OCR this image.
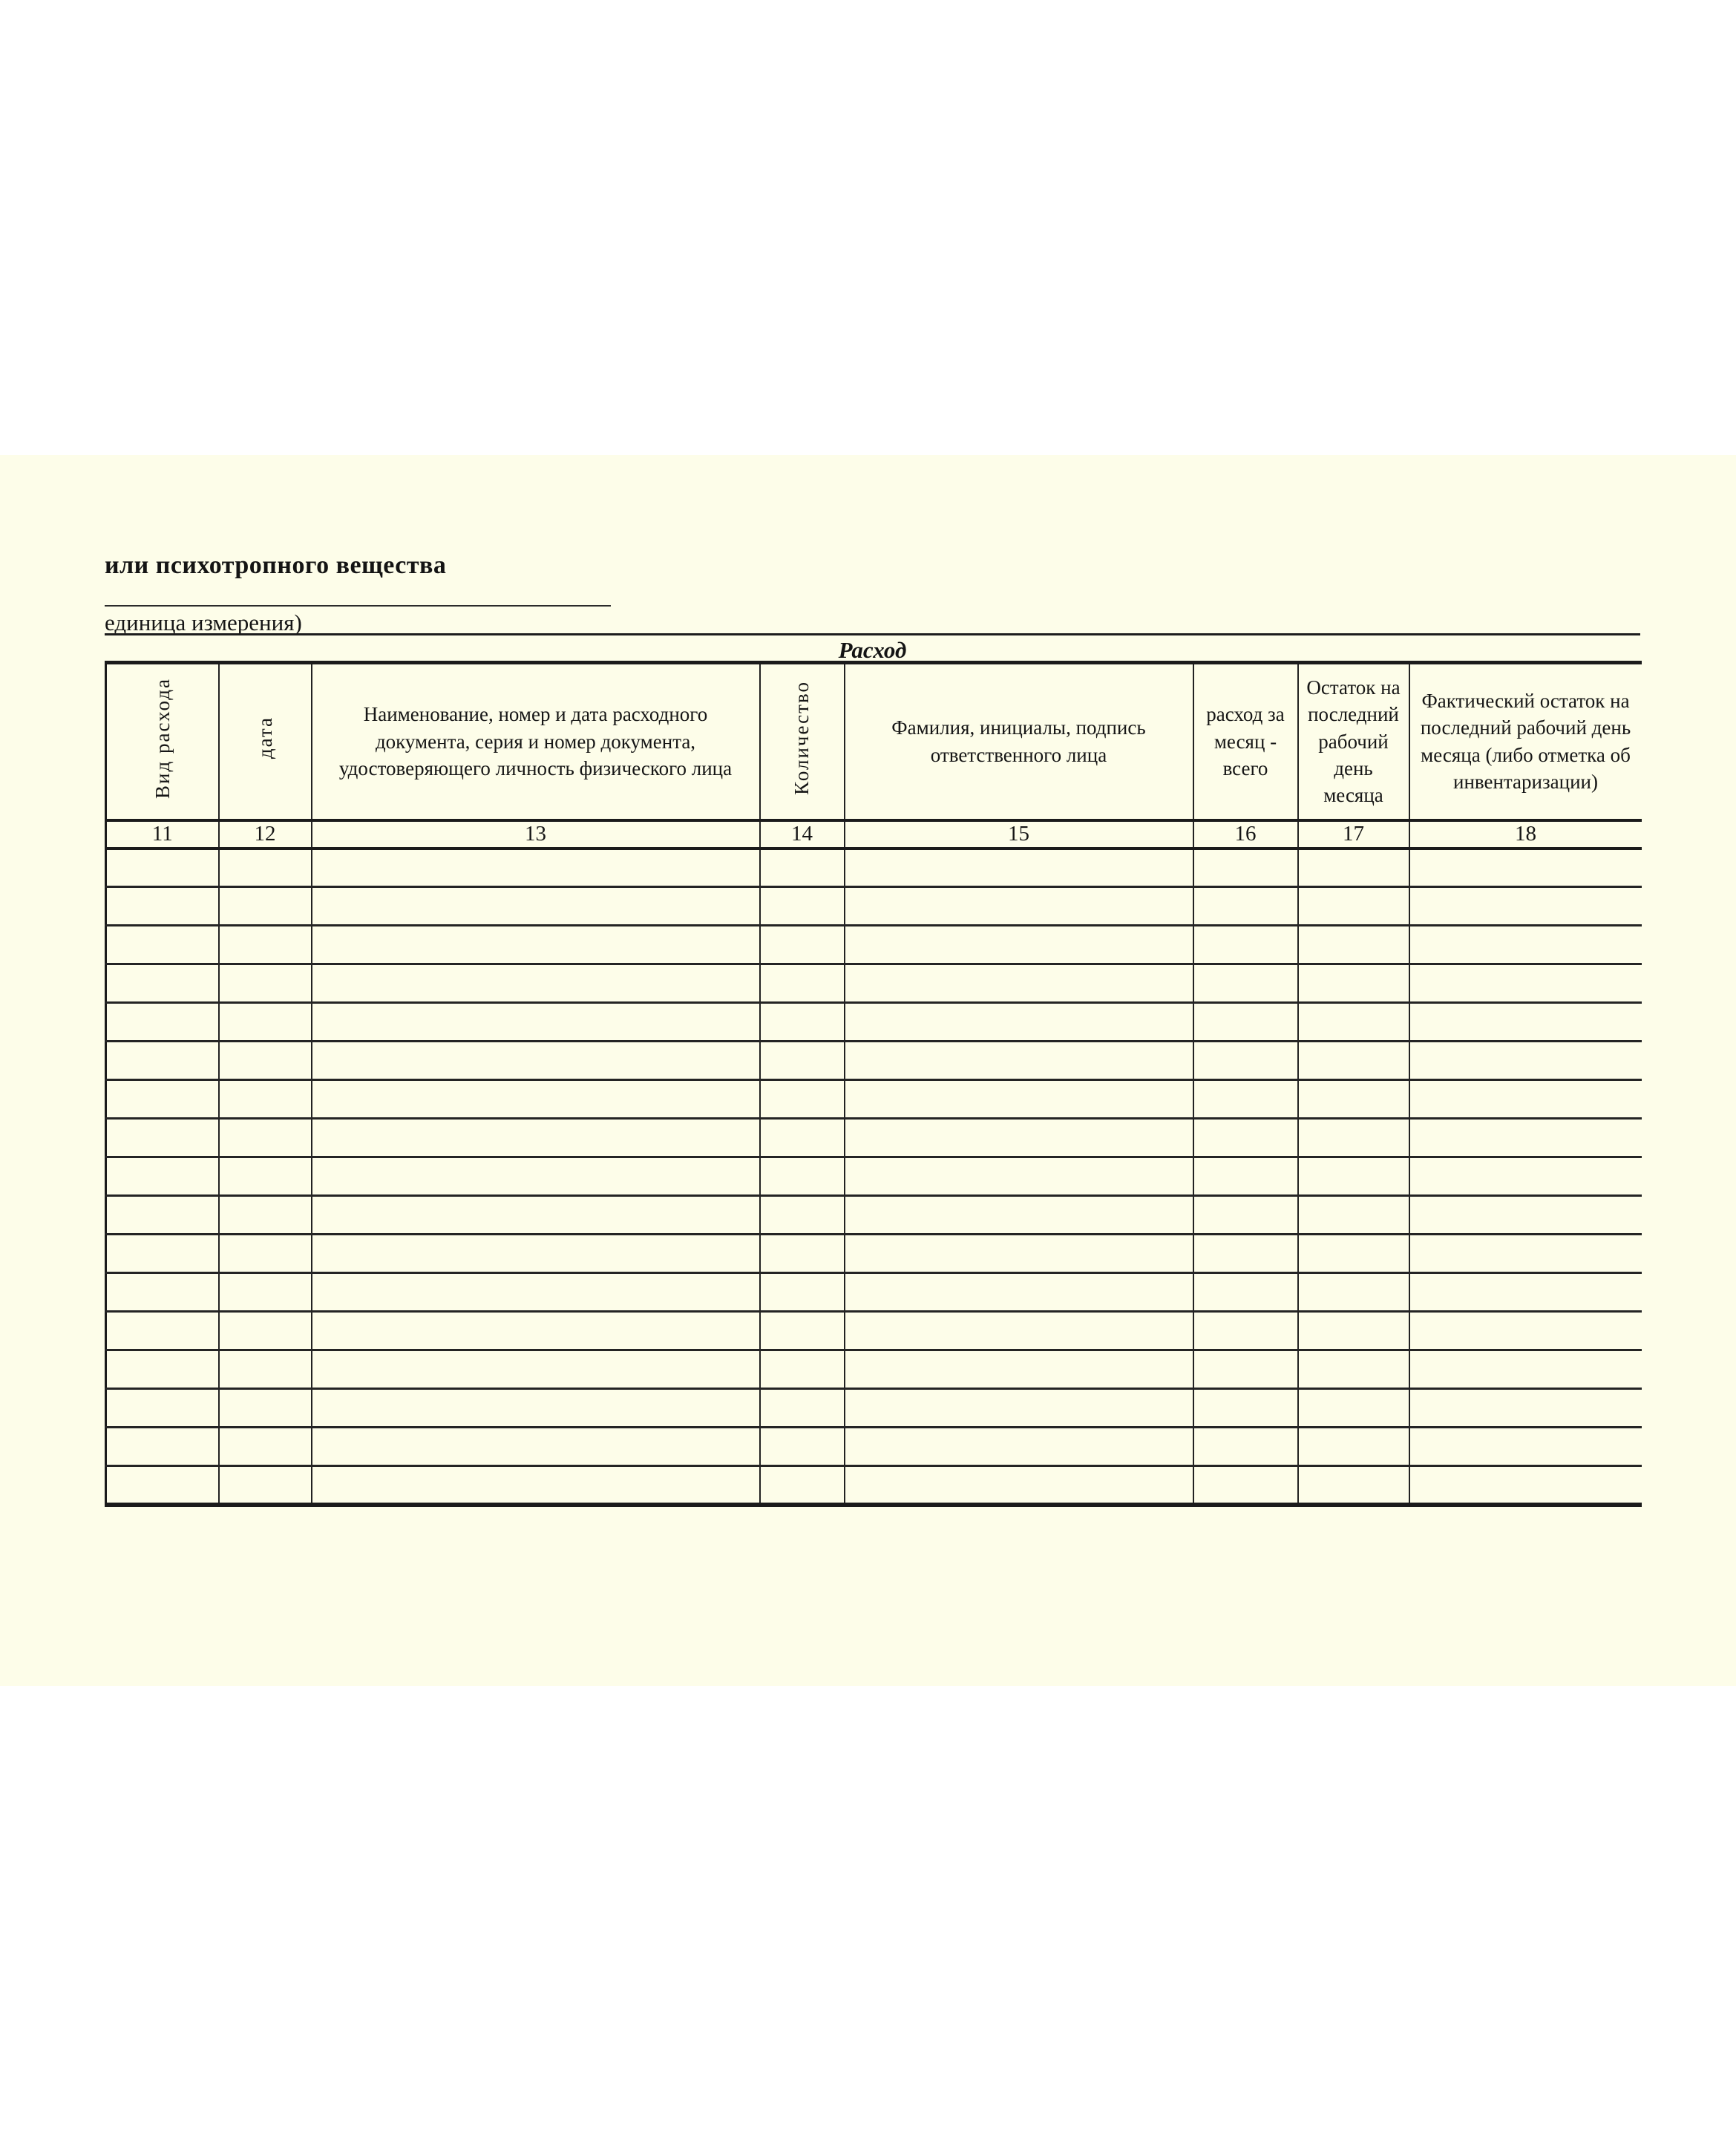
или психотропного вещества
единица измерения)
Расход
Вид расхода	дата	Наименование, номер и дата расходного документа, серия и номер документа, удостоверяющего личность физического лица	Количество	Фамилия, инициалы, подпись ответственного лица	расход за месяц - всего	Остаток на последний рабочий день месяца	Фактический остаток на последний рабочий день месяца (либо отметка об инвентаризации)
11	12	13	14	15	16	17	18
